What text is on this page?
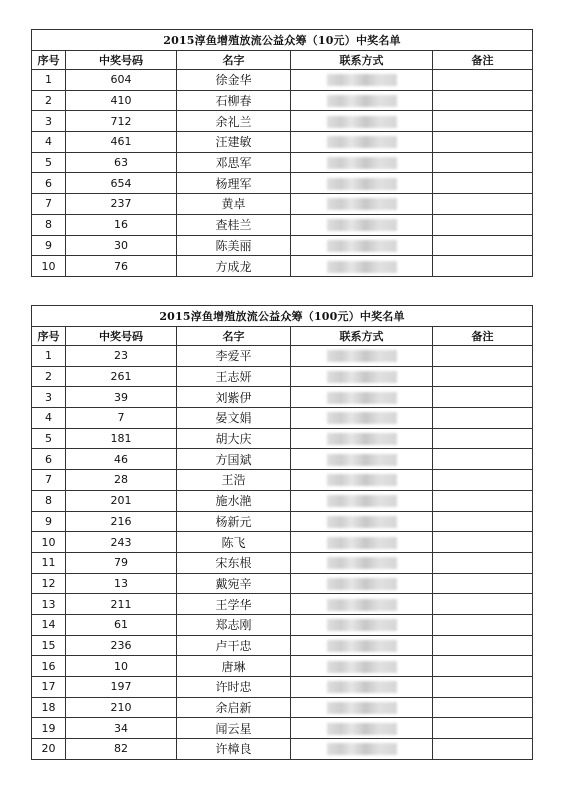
2015淳鱼增殖放流公益众筹（10元）中奖名单				
序号	中奖号码	名字	联系方式	备注
1	604	徐金华		
2	410	石柳春		
3	712	余礼兰		
4	461	汪建敏		
5	63	邓思军		
6	654	杨理军		
7	237	黄卓		
8	16	查桂兰		
9	30	陈美丽		
10	76	方成龙		
2015淳鱼增殖放流公益众筹（100元）中奖名单				
序号	中奖号码	名字	联系方式	备注
1	23	李爱平		
2	261	王志妍		
3	39	刘紫伊		
4	7	晏文娟		
5	181	胡大庆		
6	46	方国斌		
7	28	王浩		
8	201	施水滟		
9	216	杨新元		
10	243	陈飞		
11	79	宋东根		
12	13	戴宛辛		
13	211	王学华		
14	61	郑志刚		
15	236	卢干忠		
16	10	唐琳		
17	197	许时忠		
18	210	余启新		
19	34	闻云星		
20	82	许樟良		
